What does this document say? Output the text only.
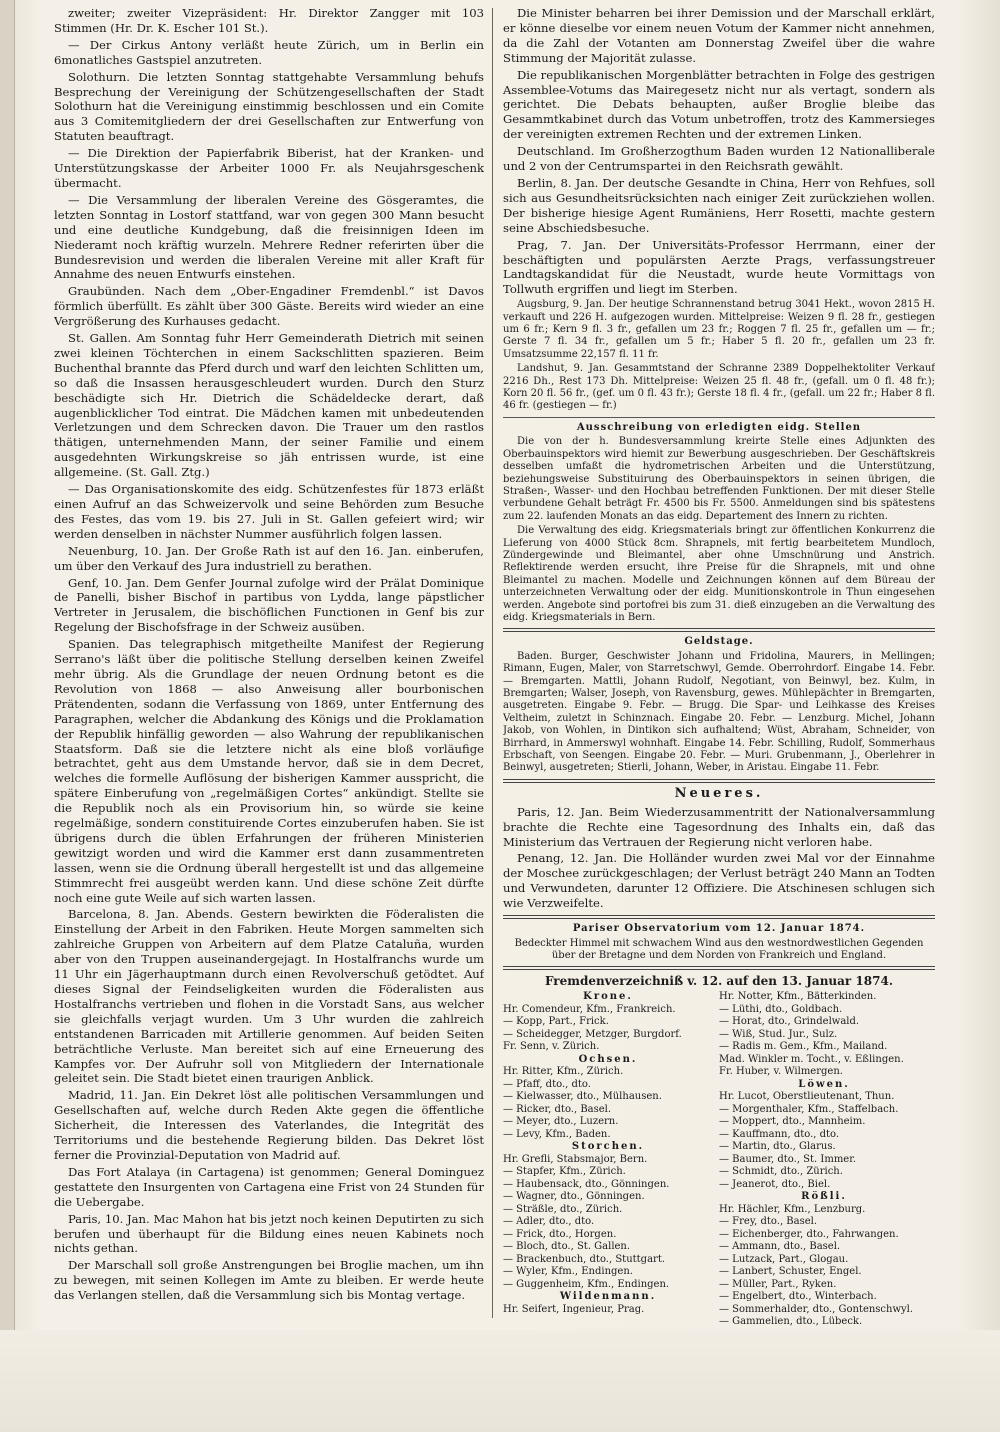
zweiter; zweiter Vizepräsident: Hr. Direktor Zangger mit 103 Stimmen (Hr. Dr. K. Escher 101 St.).

— Der Cirkus Antony verläßt heute Zürich, um in Berlin ein 6monatliches Gastspiel anzutreten.

Solothurn. Die letzten Sonntag stattgehabte Versammlung behufs Besprechung der Vereinigung der Schützengesellschaften der Stadt Solothurn hat die Vereinigung einstimmig beschlossen und ein Comite aus 3 Comitemitgliedern der drei Gesellschaften zur Entwerfung von Statuten beauftragt.

— Die Direktion der Papierfabrik Biberist, hat der Kranken- und Unterstützungskasse der Arbeiter 1000 Fr. als Neujahrsgeschenk übermacht.

— Die Versammlung der liberalen Vereine des Gösgeramtes, die letzten Sonntag in Lostorf stattfand, war von gegen 300 Mann besucht und eine deutliche Kundgebung, daß die freisinnigen Ideen im Niederamt noch kräftig wurzeln. Mehrere Redner referirten über die Bundesrevision und werden die liberalen Vereine mit aller Kraft für Annahme des neuen Entwurfs einstehen.

Graubünden. Nach dem „Ober-Engadiner Fremdenbl.“ ist Davos förmlich überfüllt. Es zählt über 300 Gäste. Bereits wird wieder an eine Vergrößerung des Kurhauses gedacht.

St. Gallen. Am Sonntag fuhr Herr Gemeinderath Dietrich mit seinen zwei kleinen Töchterchen in einem Sackschlitten spazieren. Beim Buchenthal brannte das Pferd durch und warf den leichten Schlitten um, so daß die Insassen herausgeschleudert wurden. Durch den Sturz beschädigte sich Hr. Dietrich die Schädeldecke derart, daß augenblicklicher Tod eintrat. Die Mädchen kamen mit unbedeutenden Verletzungen und dem Schrecken davon. Die Trauer um den rastlos thätigen, unternehmenden Mann, der seiner Familie und einem ausgedehnten Wirkungskreise so jäh entrissen wurde, ist eine allgemeine. (St. Gall. Ztg.)

— Das Organisationskomite des eidg. Schützenfestes für 1873 erläßt einen Aufruf an das Schweizervolk und seine Behörden zum Besuche des Festes, das vom 19. bis 27. Juli in St. Gallen gefeiert wird; wir werden denselben in nächster Nummer ausführlich folgen lassen.

Neuenburg, 10. Jan. Der Große Rath ist auf den 16. Jan. einberufen, um über den Verkauf des Jura industriell zu berathen.

Genf, 10. Jan. Dem Genfer Journal zufolge wird der Prälat Dominique de Panelli, bisher Bischof in partibus von Lydda, lange päpstlicher Vertreter in Jerusalem, die bischöflichen Functionen in Genf bis zur Regelung der Bischofsfrage in der Schweiz ausüben.

Spanien. Das telegraphisch mitgetheilte Manifest der Regierung Serrano's läßt über die politische Stellung derselben keinen Zweifel mehr übrig. Als die Grundlage der neuen Ordnung betont es die Revolution von 1868 — also Anweisung aller bourbonischen Prätendenten, sodann die Verfassung von 1869, unter Entfernung des Paragraphen, welcher die Abdankung des Königs und die Proklamation der Republik hinfällig geworden — also Wahrung der republikanischen Staatsform. Daß sie die letztere nicht als eine bloß vorläufige betrachtet, geht aus dem Umstande hervor, daß sie in dem Decret, welches die formelle Auflösung der bisherigen Kammer ausspricht, die spätere Einberufung von „regelmäßigen Cortes“ ankündigt. Stellte sie die Republik noch als ein Provisorium hin, so würde sie keine regelmäßige, sondern constituirende Cortes einzuberufen haben. Sie ist übrigens durch die üblen Erfahrungen der früheren Ministerien gewitzigt worden und wird die Kammer erst dann zusammentreten lassen, wenn sie die Ordnung überall hergestellt ist und das allgemeine Stimmrecht frei ausgeübt werden kann. Und diese schöne Zeit dürfte noch eine gute Weile auf sich warten lassen.

Barcelona, 8. Jan. Abends. Gestern bewirkten die Föderalisten die Einstellung der Arbeit in den Fabriken. Heute Morgen sammelten sich zahlreiche Gruppen von Arbeitern auf dem Platze Cataluña, wurden aber von den Truppen auseinandergejagt. In Hostalfranchs wurde um 11 Uhr ein Jägerhauptmann durch einen Revolverschuß getödtet. Auf dieses Signal der Feindseligkeiten wurden die Föderalisten aus Hostalfranchs vertrieben und flohen in die Vorstadt Sans, aus welcher sie gleichfalls verjagt wurden. Um 3 Uhr wurden die zahlreich entstandenen Barricaden mit Artillerie genommen. Auf beiden Seiten beträchtliche Verluste. Man bereitet sich auf eine Erneuerung des Kampfes vor. Der Aufruhr soll von Mitgliedern der Internationale geleitet sein. Die Stadt bietet einen traurigen Anblick.

Madrid, 11. Jan. Ein Dekret löst alle politischen Versammlungen und Gesellschaften auf, welche durch Reden Akte gegen die öffentliche Sicherheit, die Interessen des Vaterlandes, die Integrität des Territoriums und die bestehende Regierung bilden. Das Dekret löst ferner die Provinzial-Deputation von Madrid auf.

Das Fort Atalaya (in Cartagena) ist genommen; General Dominguez gestattete den Insurgenten von Cartagena eine Frist von 24 Stunden für die Uebergabe.

Paris, 10. Jan. Mac Mahon hat bis jetzt noch keinen Deputirten zu sich berufen und überhaupt für die Bildung eines neuen Kabinets noch nichts gethan.

Der Marschall soll große Anstrengungen bei Broglie machen, um ihn zu bewegen, mit seinen Kollegen im Amte zu bleiben. Er werde heute das Verlangen stellen, daß die Versammlung sich bis Montag vertage.

Die Minister beharren bei ihrer Demission und der Marschall erklärt, er könne dieselbe vor einem neuen Votum der Kammer nicht annehmen, da die Zahl der Votanten am Donnerstag Zweifel über die wahre Stimmung der Majorität zulasse.

Die republikanischen Morgenblätter betrachten in Folge des gestrigen Assemblee-Votums das Mairegesetz nicht nur als vertagt, sondern als gerichtet. Die Debats behaupten, außer Broglie bleibe das Gesammtkabinet durch das Votum unbetroffen, trotz des Kammersieges der vereinigten extremen Rechten und der extremen Linken.

Deutschland. Im Großherzogthum Baden wurden 12 Nationalliberale und 2 von der Centrumspartei in den Reichsrath gewählt.

Berlin, 8. Jan. Der deutsche Gesandte in China, Herr von Rehfues, soll sich aus Gesundheitsrücksichten nach einiger Zeit zurückziehen wollen. Der bisherige hiesige Agent Rumäniens, Herr Rosetti, machte gestern seine Abschiedsbesuche.

Prag, 7. Jan. Der Universitäts-Professor Herrmann, einer der beschäftigten und populärsten Aerzte Prags, verfassungstreuer Landtagskandidat für die Neustadt, wurde heute Vormittags von Tollwuth ergriffen und liegt im Sterben.

Augsburg, 9. Jan. Der heutige Schrannenstand betrug 3041 Hekt., wovon 2815 H. verkauft und 226 H. aufgezogen wurden. Mittelpreise: Weizen 9 fl. 28 fr., gestiegen um 6 fr.; Kern 9 fl. 3 fr., gefallen um 23 fr.; Roggen 7 fl. 25 fr., gefallen um — fr.; Gerste 7 fl. 34 fr., gefallen um 5 fr.; Haber 5 fl. 20 fr., gefallen um 23 fr. Umsatzsumme 22,157 fl. 11 fr.

Landshut, 9. Jan. Gesammtstand der Schranne 2389 Doppelhektoliter Verkauf 2216 Dh., Rest 173 Dh. Mittelpreise: Weizen 25 fl. 48 fr., (gefall. um 0 fl. 48 fr.); Korn 20 fl. 56 fr., (gef. um 0 fl. 43 fr.); Gerste 18 fl. 4 fr., (gefall. um 22 fr.; Haber 8 fl. 46 fr. (gestiegen — fr.)

Ausschreibung von erledigten eidg. Stellen

Die von der h. Bundesversammlung kreirte Stelle eines Adjunkten des Oberbauinspektors wird hiemit zur Bewerbung ausgeschrieben. Der Geschäftskreis desselben umfaßt die hydrometrischen Arbeiten und die Unterstützung, beziehungsweise Substituirung des Oberbauinspektors in seinen übrigen, die Straßen-, Wasser- und den Hochbau betreffenden Funktionen. Der mit dieser Stelle verbundene Gehalt beträgt Fr. 4500 bis Fr. 5500. Anmeldungen sind bis spätestens zum 22. laufenden Monats an das eidg. Departement des Innern zu richten.

Die Verwaltung des eidg. Kriegsmaterials bringt zur öffentlichen Konkurrenz die Lieferung von 4000 Stück 8cm. Shrapnels, mit fertig bearbeitetem Mundloch, Zündergewinde und Bleimantel, aber ohne Umschnürung und Anstrich. Reflektirende werden ersucht, ihre Preise für die Shrapnels, mit und ohne Bleimantel zu machen. Modelle und Zeichnungen können auf dem Büreau der unterzeichneten Verwaltung oder der eidg. Munitionskontrole in Thun eingesehen werden. Angebote sind portofrei bis zum 31. dieß einzugeben an die Verwaltung des eidg. Kriegsmaterials in Bern.

Geldstage.

Baden. Burger, Geschwister Johann und Fridolina, Maurers, in Mellingen; Rimann, Eugen, Maler, von Starretschwyl, Gemde. Oberrohrdorf. Eingabe 14. Febr. — Bremgarten. Mattli, Johann Rudolf, Negotiant, von Beinwyl, bez. Kulm, in Bremgarten; Walser, Joseph, von Ravensburg, gewes. Mühlepächter in Bremgarten, ausgetreten. Eingabe 9. Febr. — Brugg. Die Spar- und Leihkasse des Kreises Veltheim, zuletzt in Schinznach. Eingabe 20. Febr. — Lenzburg. Michel, Johann Jakob, von Wohlen, in Dintikon sich aufhaltend; Wüst, Abraham, Schneider, von Birrhard, in Ammerswyl wohnhaft. Eingabe 14. Febr. Schilling, Rudolf, Sommerhaus Erbschaft, von Seengen. Eingabe 20. Febr. — Muri. Grubenmann, J., Oberlehrer in Beinwyl, ausgetreten; Stierli, Johann, Weber, in Aristau. Eingabe 11. Febr.

Neueres.

Paris, 12. Jan. Beim Wiederzusammentritt der Nationalversammlung brachte die Rechte eine Tagesordnung des Inhalts ein, daß das Ministerium das Vertrauen der Regierung nicht verloren habe.

Penang, 12. Jan. Die Holländer wurden zwei Mal vor der Einnahme der Moschee zurückgeschlagen; der Verlust beträgt 240 Mann an Todten und Verwundeten, darunter 12 Offiziere. Die Atschinesen schlugen sich wie Verzweifelte.

Pariser Observatorium vom 12. Januar 1874.

Bedeckter Himmel mit schwachem Wind aus den westnordwestlichen Gegenden über der Bretagne und dem Norden von Frankreich und England.

Fremdenverzeichniß v. 12. auf den 13. Januar 1874.
Krone.
Hr. Comendeur, Kfm., Frankreich.
— Kopp, Part., Frick.
— Scheidegger, Metzger, Burgdorf.
Fr. Senn, v. Zürich.
Ochsen.
Hr. Ritter, Kfm., Zürich.
— Pfaff, dto., dto.
— Kielwasser, dto., Mülhausen.
— Ricker, dto., Basel.
— Meyer, dto., Luzern.
— Levy, Kfm., Baden.
Storchen.
Hr. Grefli, Stabsmajor, Bern.
— Stapfer, Kfm., Zürich.
— Haubensack, dto., Gönningen.
— Wagner, dto., Gönningen.
— Sträßle, dto., Zürich.
— Adler, dto., dto.
— Frick, dto., Horgen.
— Bloch, dto., St. Gallen.
— Brackenbuch, dto., Stuttgart.
— Wyler, Kfm., Endingen.
— Guggenheim, Kfm., Endingen.
Wildenmann.
Hr. Seifert, Ingenieur, Prag.
Hr. Notter, Kfm., Bätterkinden.
— Lüthi, dto., Goldbach.
— Horat, dto., Grindelwald.
— Wiß, Stud. Jur., Sulz.
— Radis m. Gem., Kfm., Mailand.
Mad. Winkler m. Tocht., v. Eßlingen.
Fr. Huber, v. Wilmergen.
Löwen.
Hr. Lucot, Oberstlieutenant, Thun.
— Morgenthaler, Kfm., Staffelbach.
— Moppert, dto., Mannheim.
— Kauffmann, dto., dto.
— Martin, dto., Glarus.
— Baumer, dto., St. Immer.
— Schmidt, dto., Zürich.
— Jeanerot, dto., Biel.
Rößli.
Hr. Hächler, Kfm., Lenzburg.
— Frey, dto., Basel.
— Eichenberger, dto., Fahrwangen.
— Ammann, dto., Basel.
— Lutzack, Part., Glogau.
— Lanbert, Schuster, Engel.
— Müller, Part., Ryken.
— Engelbert, dto., Winterbach.
— Sommerhalder, dto., Gontenschwyl.
— Gammelien, dto., Lübeck.
